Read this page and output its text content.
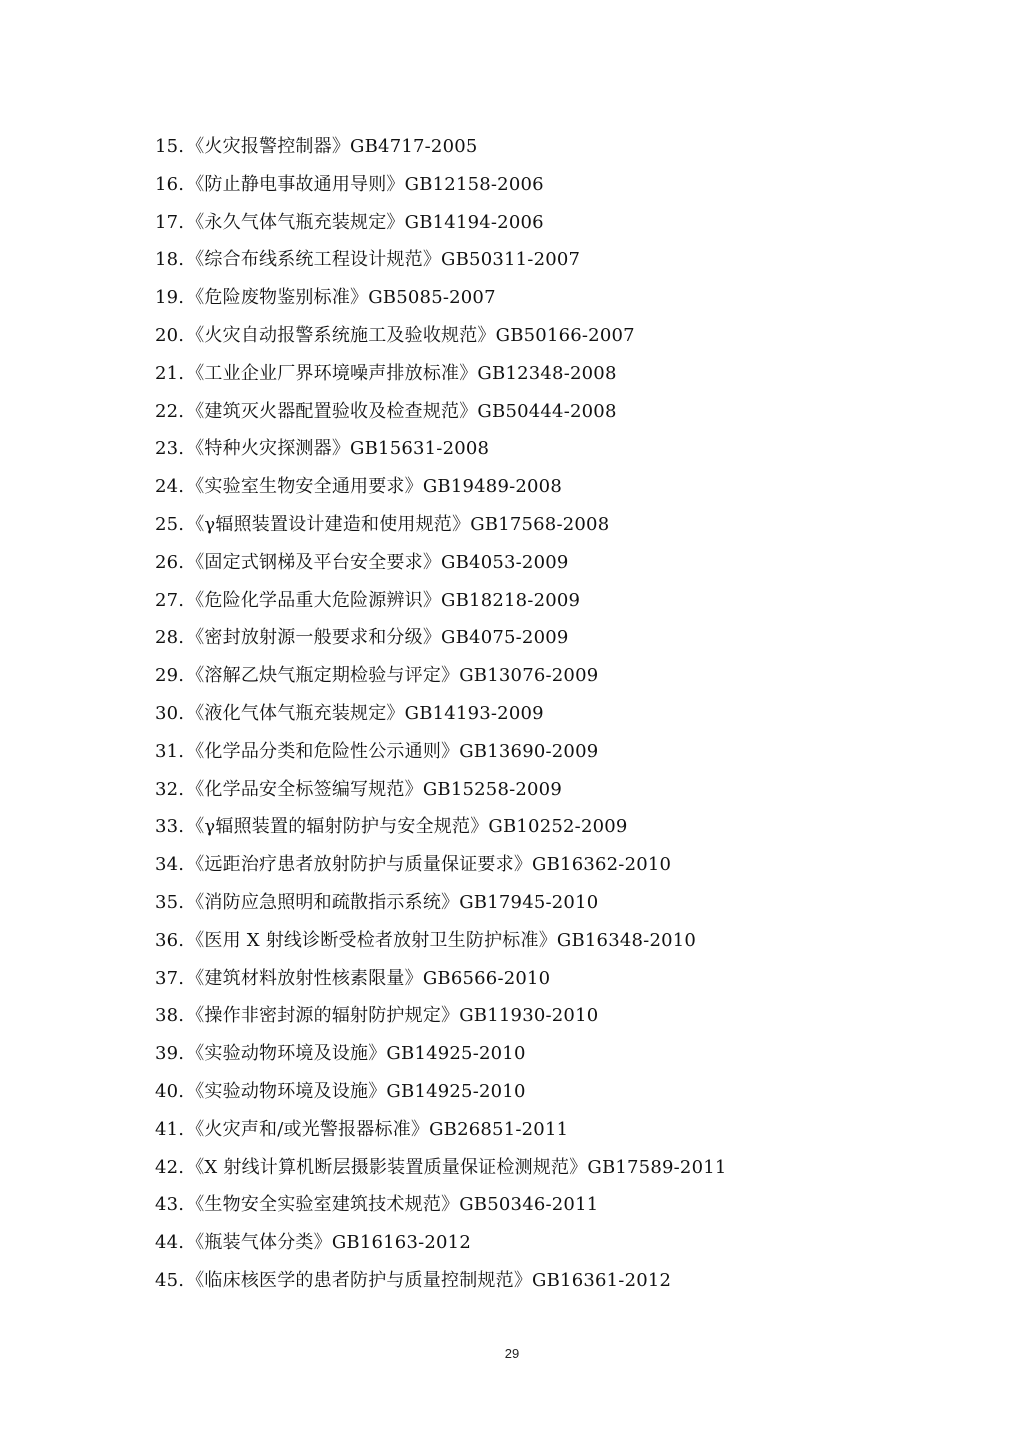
15. 《火灾报警控制器》GB4717-2005
16. 《防止静电事故通用导则》GB12158-2006
17. 《永久气体气瓶充装规定》GB14194-2006
18. 《综合布线系统工程设计规范》GB50311-2007
19. 《危险废物鉴别标准》GB5085-2007
20. 《火灾自动报警系统施工及验收规范》GB50166-2007
21. 《工业企业厂界环境噪声排放标准》GB12348-2008
22. 《建筑灭火器配置验收及检查规范》GB50444-2008
23. 《特种火灾探测器》GB15631-2008
24. 《实验室生物安全通用要求》GB19489-2008
25. 《γ辐照装置设计建造和使用规范》GB17568-2008
26. 《固定式钢梯及平台安全要求》GB4053-2009
27. 《危险化学品重大危险源辨识》GB18218-2009
28. 《密封放射源一般要求和分级》GB4075-2009
29. 《溶解乙炔气瓶定期检验与评定》GB13076-2009
30. 《液化气体气瓶充装规定》GB14193-2009
31. 《化学品分类和危险性公示通则》GB13690-2009
32. 《化学品安全标签编写规范》GB15258-2009
33. 《γ辐照装置的辐射防护与安全规范》GB10252-2009
34. 《远距治疗患者放射防护与质量保证要求》GB16362-2010
35. 《消防应急照明和疏散指示系统》GB17945-2010
36. 《医用 X 射线诊断受检者放射卫生防护标准》GB16348-2010
37. 《建筑材料放射性核素限量》GB6566-2010
38. 《操作非密封源的辐射防护规定》GB11930-2010
39. 《实验动物环境及设施》GB14925-2010
40. 《实验动物环境及设施》GB14925-2010
41. 《火灾声和/或光警报器标准》GB26851-2011
42. 《X 射线计算机断层摄影装置质量保证检测规范》GB17589-2011
43. 《生物安全实验室建筑技术规范》GB50346-2011
44. 《瓶装气体分类》GB16163-2012
45. 《临床核医学的患者防护与质量控制规范》GB16361-2012
29
